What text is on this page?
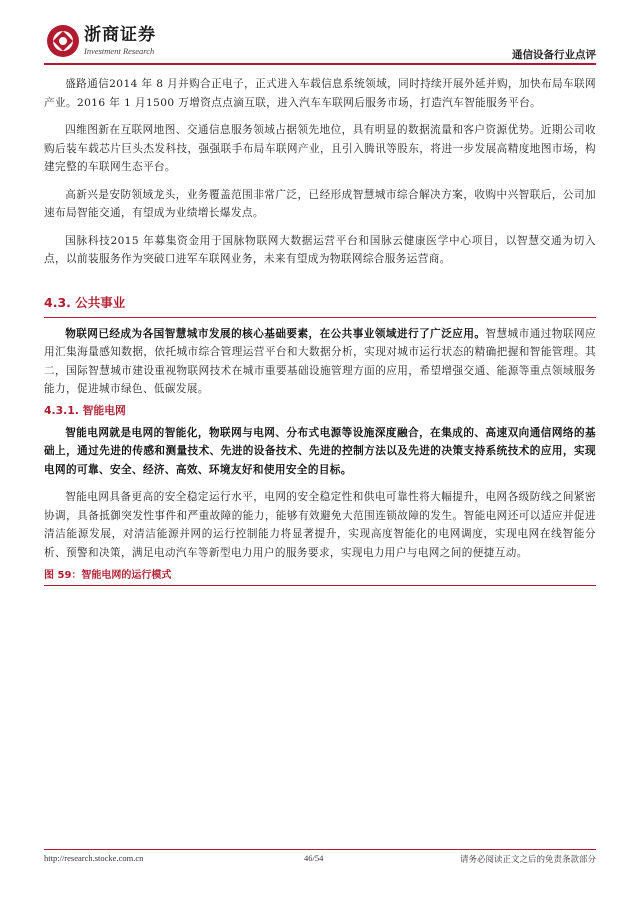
浙商证券
Investment Research	通信设备行业点评

盛路通信2014 年 8 月并购合正电子，正式进入车载信息系统领域，同时持续开展外延并购，加快布局车联网产业。2016 年 1 月1500 万增资点点滴互联，进入汽车车联网后服务市场，打造汽车智能服务平台。

四维图新在互联网地图、交通信息服务领域占据领先地位，具有明显的数据流量和客户资源优势。近期公司收购后装车载芯片巨头杰发科技，强强联手布局车联网产业，且引入腾讯等股东，将进一步发展高精度地图市场，构建完整的车联网生态平台。

高新兴是安防领域龙头，业务覆盖范围非常广泛，已经形成智慧城市综合解决方案，收购中兴智联后，公司加速布局智能交通，有望成为业绩增长爆发点。

国脉科技2015 年募集资金用于国脉物联网大数据运营平台和国脉云健康医学中心项目，以智慧交通为切入点，以前装服务作为突破口进军车联网业务，未来有望成为物联网综合服务运营商。

4.3. 公共事业

物联网已经成为各国智慧城市发展的核心基础要素，在公共事业领域进行了广泛应用。智慧城市通过物联网应用汇集海量感知数据，依托城市综合管理运营平台和大数据分析，实现对城市运行状态的精确把握和智能管理。其二，国际智慧城市建设重视物联网技术在城市重要基础设施管理方面的应用，希望增强交通、能源等重点领域服务能力，促进城市绿色、低碳发展。

4.3.1. 智能电网

智能电网就是电网的智能化，物联网与电网、分布式电源等设施深度融合，在集成的、高速双向通信网络的基础上，通过先进的传感和测量技术、先进的设备技术、先进的控制方法以及先进的决策支持系统技术的应用，实现电网的可靠、安全、经济、高效、环境友好和使用安全的目标。

智能电网具备更高的安全稳定运行水平，电网的安全稳定性和供电可靠性将大幅提升，电网各级防线之间紧密协调，具备抵御突发性事件和严重故障的能力，能够有效避免大范围连锁故障的发生。智能电网还可以适应并促进清洁能源发展，对清洁能源并网的运行控制能力将显著提升，实现高度智能化的电网调度，实现电网在线智能分析、预警和决策，满足电动汽车等新型电力用户的服务要求，实现电力用户与电网之间的便捷互动。

图 59：智能电网的运行模式
http://research.stocke.com.cn	46/54	请务必阅读正文之后的免责条款部分
